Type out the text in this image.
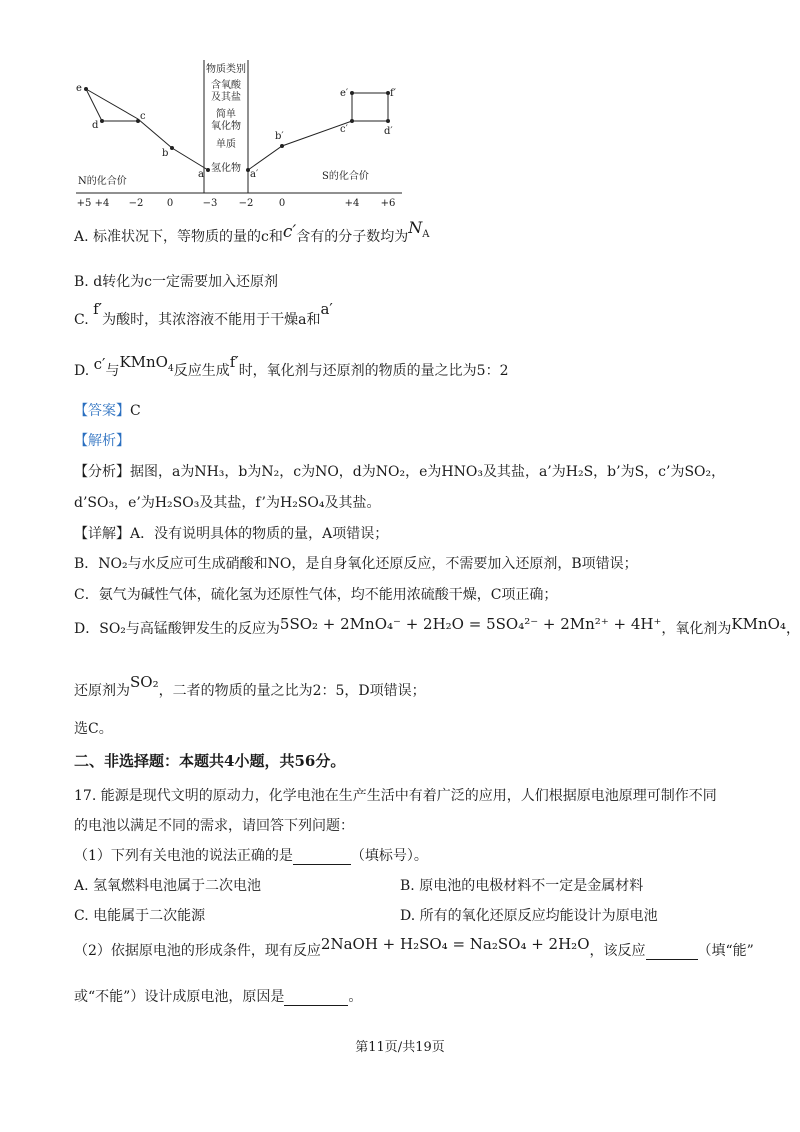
物质类别
含氧酸
及其盐
简单
氧化物
单质
氢化物
N的化合价	S的化合价
+5 +4 −2 0	−3 −2	0	+4 +6
e
d
c
b
a	a′
b′
c′	d′
e′	f′
A. 标准状况下，等物质的量的c和c′含有的分子数均为$N^A$
B. d转化为c一定需要加入还原剂
C. f′为酸时，其浓溶液不能用于干燥a和a′
D. c′与KMnO$^4$反应生成f′时，氧化剂与还原剂的物质的量之比为5：2
【答案】C
【解析】
【分析】据图，a为NH₃，b为N₂，c为NO，d为NO₂，e为HNO₃及其盐，a’为H₂S，b’为S，c’为SO₂，
d’SO₃，e’为H₂SO₃及其盐，f’为H₂SO₄及其盐。
【详解】A．没有说明具体的物质的量，A项错误；
B．NO₂与水反应可生成硝酸和NO，是自身氧化还原反应，不需要加入还原剂，B项错误；
C．氨气为碱性气体，硫化氢为还原性气体，均不能用浓硫酸干燥，C项正确；
D．SO₂与高锰酸钾发生的反应为5SO₂ + 2MnO₄⁻ + 2H₂O = 5SO₄²⁻ + 2Mn²⁺ + 4H⁺，氧化剂为KMnO₄，
还原剂为SO₂，二者的物质的量之比为2：5，D项错误；
选C。
二、非选择题：本题共4小题，共56分。
17. 能源是现代文明的原动力，化学电池在生产生活中有着广泛的应用，人们根据原电池原理可制作不同
的电池以满足不同的需求，请回答下列问题：
（1）下列有关电池的说法正确的是	（填标号）。
A. 氢氧燃料电池属于二次电池	B. 原电池的电极材料不一定是金属材料
C. 电能属于二次能源	D. 所有的氧化还原反应均能设计为原电池
（2）依据原电池的形成条件，现有反应2NaOH + H₂SO₄ = Na₂SO₄ + 2H₂O，该反应	（填“能”
或“不能”）设计成原电池，原因是	。
第11页/共19页
